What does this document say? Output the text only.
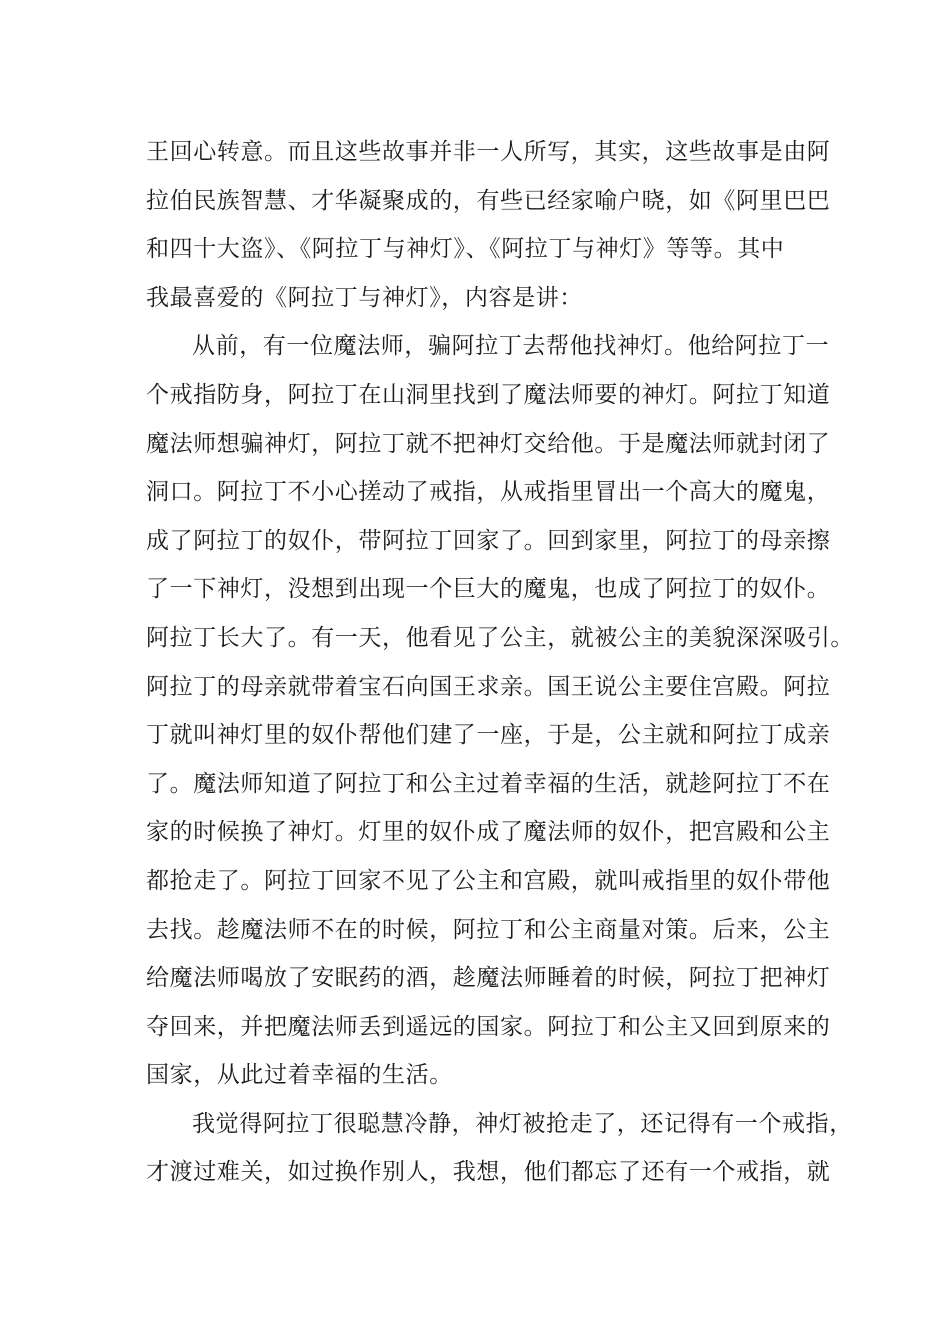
王回心转意。而且这些故事并非一人所写，其实，这些故事是由阿
拉伯民族智慧、才华凝聚成的，有些已经家喻户晓，如《阿里巴巴
和四十大盗》、《阿拉丁与神灯》、《阿拉丁与神灯》等等。其中
我最喜爱的《阿拉丁与神灯》，内容是讲：
从前，有一位魔法师，骗阿拉丁去帮他找神灯。他给阿拉丁一
个戒指防身，阿拉丁在山洞里找到了魔法师要的神灯。阿拉丁知道
魔法师想骗神灯，阿拉丁就不把神灯交给他。于是魔法师就封闭了
洞口。阿拉丁不小心搓动了戒指，从戒指里冒出一个高大的魔鬼，
成了阿拉丁的奴仆，带阿拉丁回家了。回到家里，阿拉丁的母亲擦
了一下神灯，没想到出现一个巨大的魔鬼，也成了阿拉丁的奴仆。
阿拉丁长大了。有一天，他看见了公主，就被公主的美貌深深吸引。
阿拉丁的母亲就带着宝石向国王求亲。国王说公主要住宫殿。阿拉
丁就叫神灯里的奴仆帮他们建了一座，于是，公主就和阿拉丁成亲
了。魔法师知道了阿拉丁和公主过着幸福的生活，就趁阿拉丁不在
家的时候换了神灯。灯里的奴仆成了魔法师的奴仆，把宫殿和公主
都抢走了。阿拉丁回家不见了公主和宫殿，就叫戒指里的奴仆带他
去找。趁魔法师不在的时候，阿拉丁和公主商量对策。后来，公主
给魔法师喝放了安眠药的酒，趁魔法师睡着的时候，阿拉丁把神灯
夺回来，并把魔法师丢到遥远的国家。阿拉丁和公主又回到原来的
国家，从此过着幸福的生活。
我觉得阿拉丁很聪慧冷静，神灯被抢走了，还记得有一个戒指，
才渡过难关，如过换作别人，我想，他们都忘了还有一个戒指，就
